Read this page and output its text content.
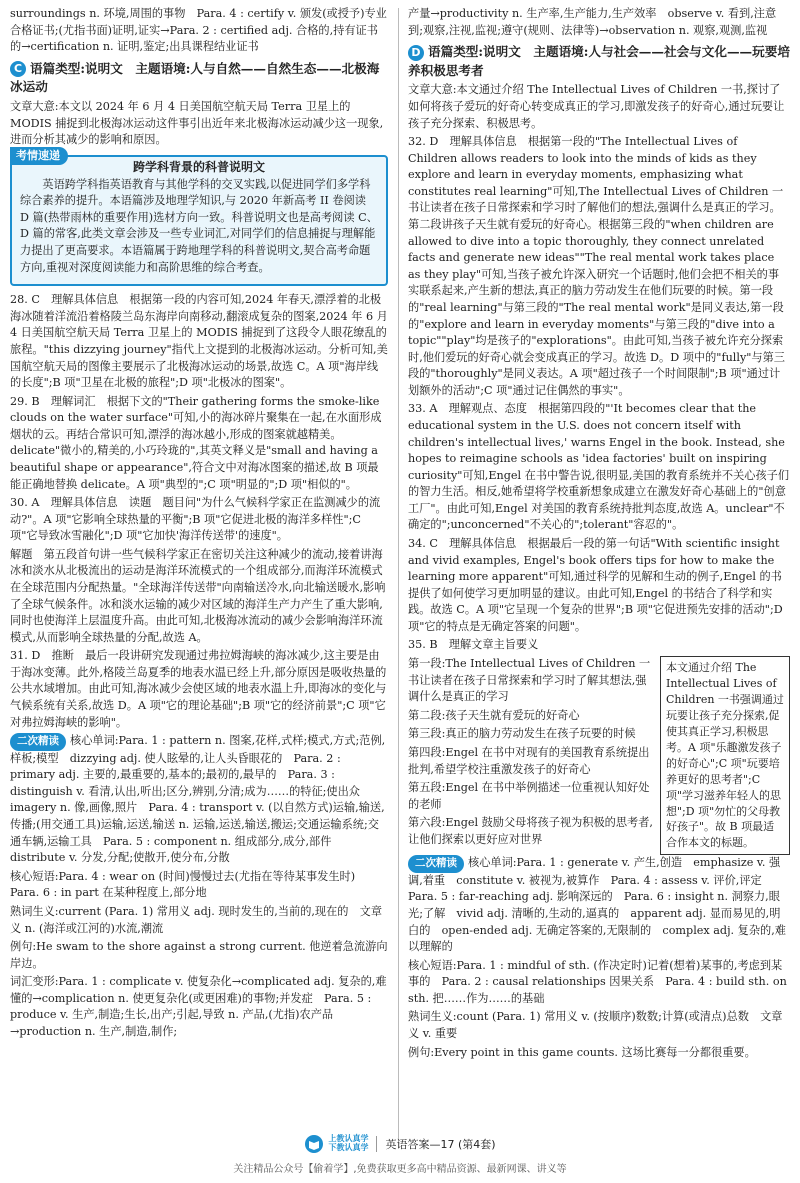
surroundings n. 环境,周围的事物　Para. 4 : certify v. 颁发(或授予)专业合格证书;(尤指书面)证明,证实→Para. 2 : certified adj. 合格的,持有证书的→certification n. 证明,鉴定;出具课程结业证书

C 语篇类型:说明文　主题语境:人与自然——自然生态——北极海冰运动

文章大意:本文以 2024 年 6 月 4 日美国航空航天局 Terra 卫星上的 MODIS 捕捉到北极海冰运动这件事引出近年来北极海冰运动减少这一现象,进而分析其减少的影响和原因。

考情速递
跨学科背景的科普说明文

英语跨学科指英语教育与其他学科的交叉实践,以促进同学们多学科综合素养的提升。本语篇涉及地理学知识,与 2020 年新高考 II 卷阅读 D 篇(热带雨林的重要作用)选材方向一致。科普说明文也是高考阅读 C、D 篇的常客,此类文章会涉及一些专业词汇,对同学们的信息捕捉与理解能力提出了更高要求。本语篇属于跨地理学科的科普说明文,契合高考命题方向,重视对深度阅读能力和高阶思维的综合考查。

28. C　理解具体信息　根据第一段的内容可知,2024 年春天,漂浮着的北极海冰随着洋流沿着格陵兰岛东海岸向南移动,翻滚成复杂的图案,2024 年 6 月 4 日美国航空航天局 Terra 卫星上的 MODIS 捕捉到了这段令人眼花缭乱的旅程。"this dizzying journey"指代上文提到的北极海冰运动。分析可知,美国航空航天局的图像主要展示了北极海冰运动的场景,故选 C。A 项"海岸线的长度";B 项"卫星在北极的旅程";D 项"北极冰的图案"。

29. B　理解词汇　根据下文的"Their gathering forms the smoke-like clouds on the water surface"可知,小的海冰碎片聚集在一起,在水面形成烟状的云。再结合常识可知,漂浮的海冰越小,形成的图案就越精美。delicate"微小的,精美的,小巧玲珑的",其英文释义是"small and having a beautiful shape or appearance",符合文中对海冰图案的描述,故 B 项最能正确地替换 delicate。A 项"典型的";C 项"明显的";D 项"相似的"。

30. A　理解具体信息　读题　题目问"为什么气候科学家正在监测减少的流动?"。A 项"它影响全球热量的平衡";B 项"它促进北极的海洋多样性";C 项"它导致冰雪融化";D 项"它加快'海洋传送带'的速度"。

解题　第五段首句讲一些气候科学家正在密切关注这种减少的流动,接着讲海冰和淡水从北极流出的运动是海洋环流模式的一个组成部分,而海洋环流模式在全球范围内分配热量。"全球海洋传送带"向南输送冷水,向北输送暖水,影响了全球气候条件。冰和淡水运输的减少对区域的海洋生产力产生了重大影响,同时也使海洋上层温度升高。由此可知,北极海冰流动的减少会影响海洋环流模式,从而影响全球热量的分配,故选 A。

31. D　推断　最后一段讲研究发现通过弗拉姆海峡的海冰减少,这主要是由于海冰变薄。此外,格陵兰岛夏季的地表水温已经上升,部分原因是吸收热量的公共水域增加。由此可知,海冰减少会使区域的地表水温上升,即海冰的变化与气候系统有关系,故选 D。A 项"它的理论基础";B 项"它的经济前景";C 项"它对弗拉姆海峡的影响"。

二次精读 核心单词:Para. 1 : pattern n. 图案,花样,式样;模式,方式;范例,样板;模型　dizzying adj. 使人眩晕的,让人头昏眼花的　Para. 2 : primary adj. 主要的,最重要的,基本的;最初的,最早的　Para. 3 : distinguish v. 看清,认出,听出;区分,辨别,分清;成为……的特征;使出众　imagery n. 像,画像,照片　Para. 4 : transport v. (以自然方式)运输,输送,传播;(用交通工具)运输,运送,输送 n. 运输,运送,输送,搬运;交通运输系统;交通车辆,运输工具　Para. 5 : component n. 组成部分,成分,部件　distribute v. 分发,分配;使散开,使分布,分散

核心短语:Para. 4 : wear on (时间)慢慢过去(尤指在等待某事发生时)　Para. 6 : in part 在某种程度上,部分地

熟词生义:current (Para. 1) 常用义 adj. 现时发生的,当前的,现在的　文章义 n. (海洋或江河的)水流,潮流

例句:He swam to the shore against a strong current. 他逆着急流游向岸边。

词汇变形:Para. 1 : complicate v. 使复杂化→complicated adj. 复杂的,难懂的→complication n. 使更复杂化(或更困难)的事物;并发症　Para. 5 : produce v. 生产,制造;生长,出产;引起,导致 n. 产品,(尤指)农产品→production n. 生产,制造,制作;

产量→productivity n. 生产率,生产能力,生产效率　observe v. 看到,注意到;观察,注视,监视;遵守(规则、法律等)→observation n. 观察,观测,监视

D 语篇类型:说明文　主题语境:人与社会——社会与文化——玩要培养积极思考者

文章大意:本文通过介绍 The Intellectual Lives of Children 一书,探讨了如何将孩子爱玩的好奇心转变成真正的学习,即激发孩子的好奇心,通过玩要让孩子充分探索、积极思考。

32. D　理解具体信息　根据第一段的"The Intellectual Lives of Children allows readers to look into the minds of kids as they explore and learn in everyday moments, emphasizing what constitutes real learning"可知,The Intellectual Lives of Children 一书让读者在孩子日常探索和学习时了解他们的想法,强调什么是真正的学习。第二段讲孩子天生就有爱玩的好奇心。根据第三段的"when children are allowed to dive into a topic thoroughly, they connect unrelated facts and generate new ideas""The real mental work takes place as they play"可知,当孩子被允许深入研究一个话题时,他们会把不相关的事实联系起来,产生新的想法,真正的脑力劳动发生在他们玩要的时候。第一段的"real learning"与第三段的"The real mental work"是同义表达,第一段的"explore and learn in everyday moments"与第三段的"dive into a topic""play"均是孩子的"explorations"。由此可知,当孩子被允许充分探索时,他们爱玩的好奇心就会变成真正的学习。故选 D。D 项中的"fully"与第三段的"thoroughly"是同义表达。A 项"超过孩子一个时间限制";B 项"通过计划额外的活动";C 项"通过记住偶然的事实"。

33. A　理解观点、态度　根据第四段的"'It becomes clear that the educational system in the U.S. does not concern itself with children's intellectual lives,' warns Engel in the book. Instead, she hopes to reimagine schools as 'idea factories' built on inspiring curiosity"可知,Engel 在书中警告说,很明显,美国的教育系统并不关心孩子们的智力生活。相反,她希望将学校重新想象成建立在激发好奇心基础上的"创意工厂"。由此可知,Engel 对美国的教育系统持批判态度,故选 A。unclear"不确定的";unconcerned"不关心的";tolerant"容忍的"。

34. C　理解具体信息　根据最后一段的第一句话"With scientific insight and vivid examples, Engel's book offers tips for how to make the learning more apparent"可知,通过科学的见解和生动的例子,Engel 的书提供了如何使学习更加明显的建议。由此可知,Engel 的书结合了科学和实践。故选 C。A 项"它呈现一个复杂的世界";B 项"它促进预先安排的活动";D 项"它的特点是无确定答案的问题"。

35. B　理解文章主旨要义

第一段:The Intellectual Lives of Children 一书让读者在孩子日常探索和学习时了解其想法,强调什么是真正的学习

第二段:孩子天生就有爱玩的好奇心

第三段:真正的脑力劳动发生在孩子玩要的时候

第四段:Engel 在书中对现有的美国教育系统提出批判,希望学校注重激发孩子的好奇心

第五段:Engel 在书中举例描述一位重视认知好处的老师

第六段:Engel 鼓励父母将孩子视为积极的思考者,让他们探索以更好应对世界

本文通过介绍 The Intellectual Lives of Children 一书强调通过玩要让孩子充分探索,促使其真正学习,积极思考。A 项"乐趣激发孩子的好奇心";C 项"玩要培养更好的思考者";C 项"学习滋养年轻人的思想";D 项"勿忙的父母教好孩子"。故 B 项最适合作本文的标题。

二次精读 核心单词:Para. 1 : generate v. 产生,创造　emphasize v. 强调,着重　constitute v. 被视为,被算作　Para. 4 : assess v. 评价,评定　Para. 5 : far-reaching adj. 影响深远的　Para. 6 : insight n. 洞察力,眼光;了解　vivid adj. 清晰的,生动的,逼真的　apparent adj. 显而易见的,明白的　open-ended adj. 无确定答案的,无限制的　complex adj. 复杂的,难以理解的

核心短语:Para. 1 : mindful of sth. (作决定时)记着(想着)某事的,考虑到某事的　Para. 2 : causal relationships 因果关系　Para. 4 : build sth. on sth. 把……作为……的基础

熟词生义:count (Para. 1) 常用义 v. (按顺序)数数;计算(或清点)总数　文章义 v. 重要

例句:Every point in this game counts. 这场比赛每一分都很重要。

上教认真学
下教认真学	英语答案—17 (第4套)
关注精品公众号【偷着学】,免费获取更多高中精品资源、最新网课、讲义等
